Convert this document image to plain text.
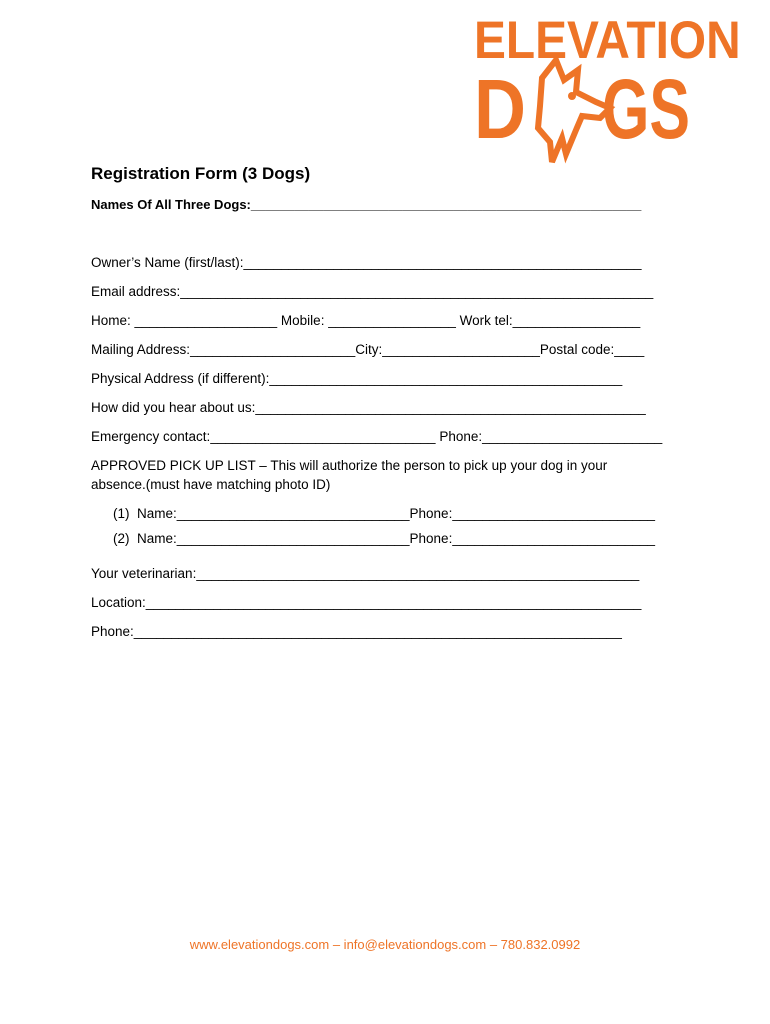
ELEVATION
D GS
Registration Form (3 Dogs)
Names Of All Three Dogs:______________________________________________________
Owner’s Name (first/last):_____________________________________________________
Email address:_______________________________________________________________
Home: ___________________ Mobile: _________________ Work tel:_________________
Mailing Address:______________________City:_____________________Postal code:____
Physical Address (if different):_______________________________________________
How did you hear about us:____________________________________________________
Emergency contact:______________________________ Phone:________________________
APPROVED PICK UP LIST – This will authorize the person to pick up your dog in your
absence.(must have matching photo ID)
(1) Name:_______________________________Phone:___________________________
(2) Name:_______________________________Phone:___________________________
Your veterinarian:___________________________________________________________
Location:__________________________________________________________________
Phone:_________________________________________________________________
www.elevationdogs.com – info@elevationdogs.com – 780.832.0992
